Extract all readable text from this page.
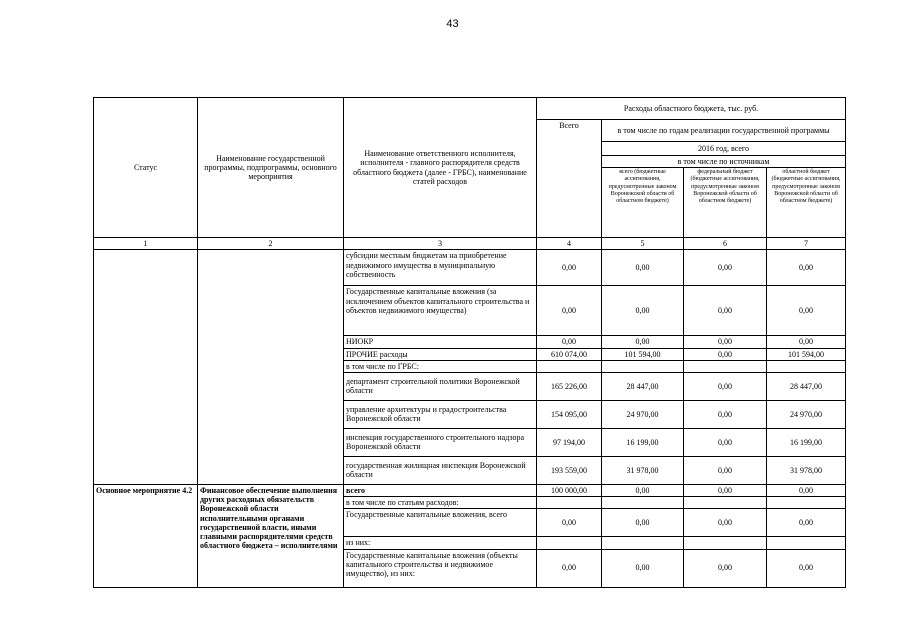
43
Статус	Наименование государственной программы, подпрограммы, основного мероприятия	Наименование ответственного исполнителя, исполнителя - главного распорядителя средств областного бюджета (далее - ГРБС), наименование статей расходов	Расходы областного бюджета, тыс. руб.			
			Всего	в том числе по годам реализации государственной программы		
				2016 год, всего		
				в том числе по источникам		
				всего (бюджетные ассигнования, предусмотренные законом Воронежской области об областном бюджете)	федеральный бюджет (бюджетные ассигнования, предусмотренные законом Воронежской области об областном бюджете)	областной бюджет (бюджетные ассигнования, предусмотренные законом Воронежской области об областном бюджете)
1	2	3	4	5	6	7
		субсидии местным бюджетам на приобретение недвижимого имущества в муниципальную собственность	0,00	0,00	0,00	0,00
		Государственные капитальные вложения (за исключением объектов капитального строительства и объектов недвижимого имущества)	0,00	0,00	0,00	0,00
		НИОКР	0,00	0,00	0,00	0,00
		ПРОЧИЕ расходы	610 074,00	101 594,00	0,00	101 594,00
		в том числе по ГРБС:				
		департамент строительной политики Воронежской области	165 226,00	28 447,00	0,00	28 447,00
		управление архитектуры и градостроительства Воронежской области	154 095,00	24 970,00	0,00	24 970,00
		инспекция государственного строительного надзора Воронежской области	97 194,00	16 199,00	0,00	16 199,00
		государственная жилищная инспекция Воронежской области	193 559,00	31 978,00	0,00	31 978,00
Основное мероприятие 4.2	Финансовое обеспечение выполнения других расходных обязательств Воронежской области исполнительными органами государственной власти, иными главными распорядителями средств областного бюджета – исполнителями	всего	100 000,00	0,00	0,00	0,00
		в том числе по статьям расходов:				
		Государственные капитальные вложения, всего	0,00	0,00	0,00	0,00
		из них:				
		Государственные капитальные вложения (объекты капитального строительства и недвижимое имущество), из них:	0,00	0,00	0,00	0,00
